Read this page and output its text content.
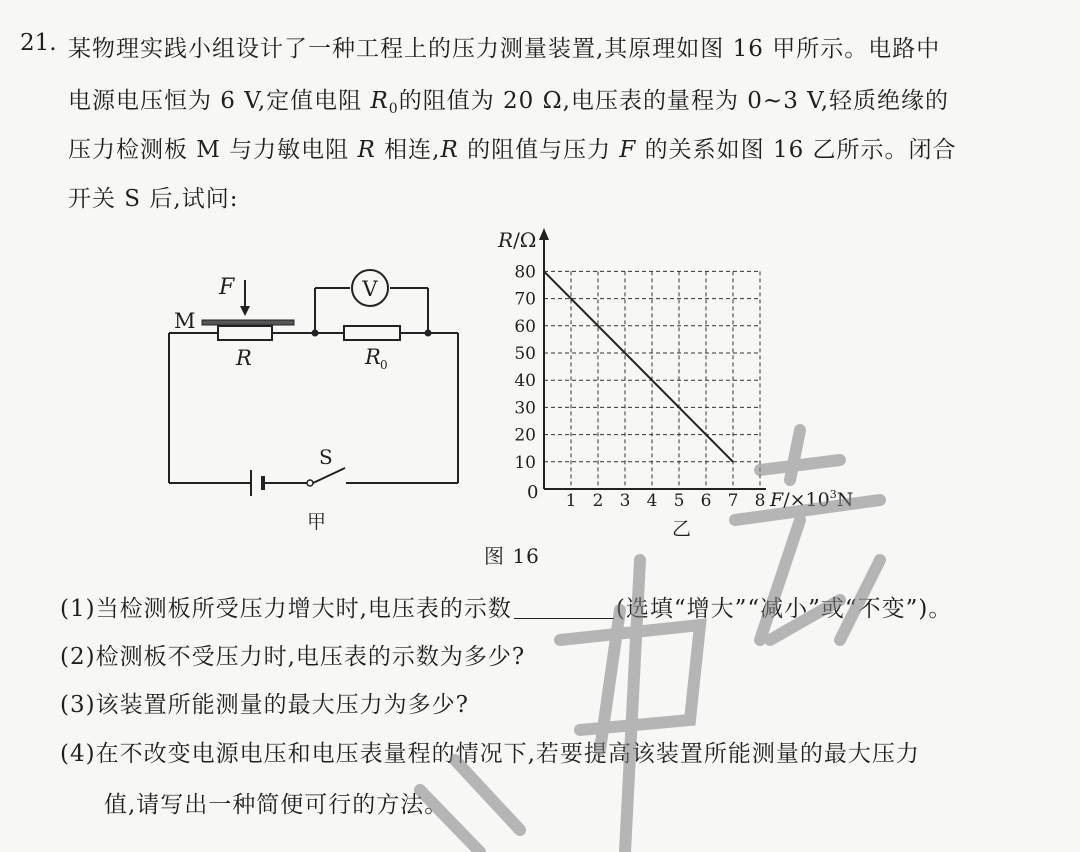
21. 某物理实践小组设计了一种工程上的压力测量装置,其原理如图 16 甲所示。电路中
电源电压恒为 6 V,定值电阻 $R_0$的阻值为 20 Ω,电压表的量程为 0~3 V,轻质绝缘的
压力检测板 M 与力敏电阻 R 相连,R 的阻值与压力 F 的关系如图 16 乙所示。闭合
开关 S 后,试问:
F
M
R	R 0
V
S
甲
1 2 3 4 5 6 7 8
10
20
30
40
50
60
70
80
R/Ω
$F/\times 10^3N$
0
乙
图 16
(1)当检测板所受压力增大时,电压表的示数	(选填“增大”“减小”或“不变”)。
(2)检测板不受压力时,电压表的示数为多少?
(3)该装置所能测量的最大压力为多少?
(4)在不改变电源电压和电压表量程的情况下,若要提高该装置所能测量的最大压力
值,请写出一种简便可行的方法。
